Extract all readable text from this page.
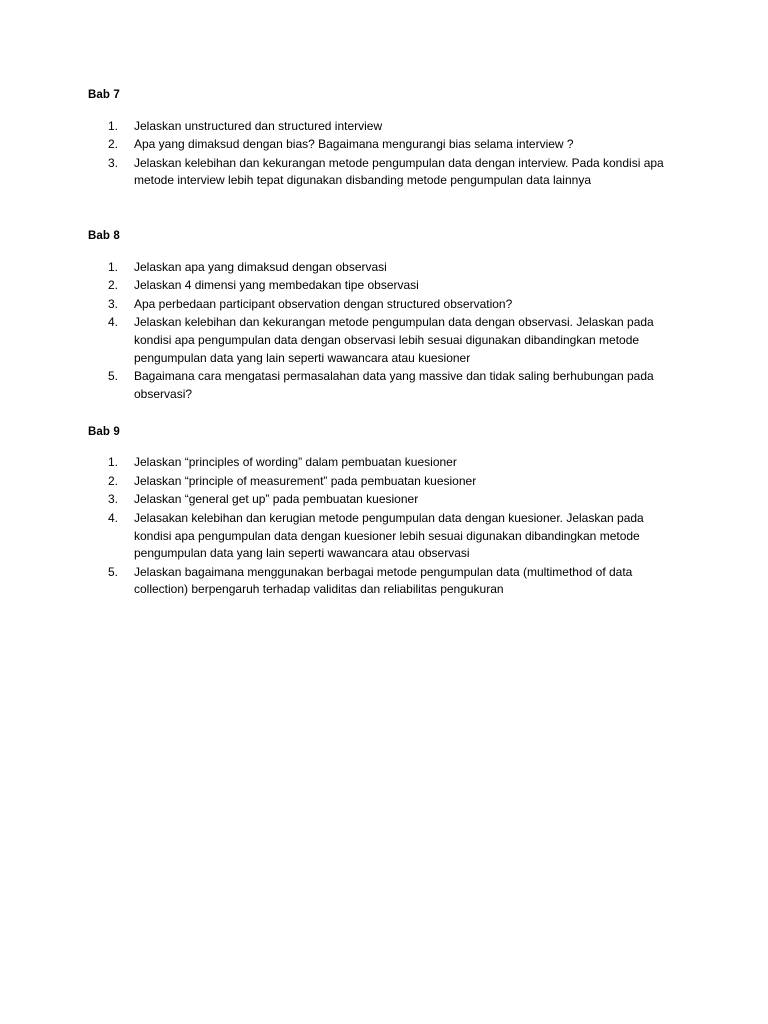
Bab 7
1.	Jelaskan unstructured dan structured interview
2.	Apa yang dimaksud dengan bias? Bagaimana mengurangi bias selama interview ?
3.	Jelaskan kelebihan dan kekurangan metode pengumpulan data dengan interview. Pada kondisi apa metode interview lebih tepat digunakan disbanding metode pengumpulan data lainnya
Bab 8
1.	Jelaskan apa yang dimaksud dengan observasi
2.	Jelaskan 4 dimensi yang membedakan tipe observasi
3.	Apa perbedaan participant observation dengan structured observation?
4.	Jelaskan kelebihan dan kekurangan metode pengumpulan data dengan observasi. Jelaskan pada kondisi apa pengumpulan data dengan observasi lebih sesuai digunakan dibandingkan metode pengumpulan data yang lain seperti wawancara atau kuesioner
5.	Bagaimana cara mengatasi permasalahan data yang massive dan tidak saling berhubungan pada observasi?
Bab 9
1.	Jelaskan “principles of wording” dalam pembuatan kuesioner
2.	Jelaskan “principle of measurement” pada pembuatan kuesioner
3.	Jelaskan “general get up” pada pembuatan kuesioner
4.	Jelasakan kelebihan dan kerugian metode pengumpulan data dengan kuesioner. Jelaskan pada kondisi apa pengumpulan data dengan kuesioner lebih sesuai digunakan dibandingkan metode pengumpulan data yang lain seperti wawancara atau observasi
5.	Jelaskan bagaimana menggunakan berbagai metode pengumpulan data (multimethod of data collection) berpengaruh terhadap validitas dan reliabilitas pengukuran
